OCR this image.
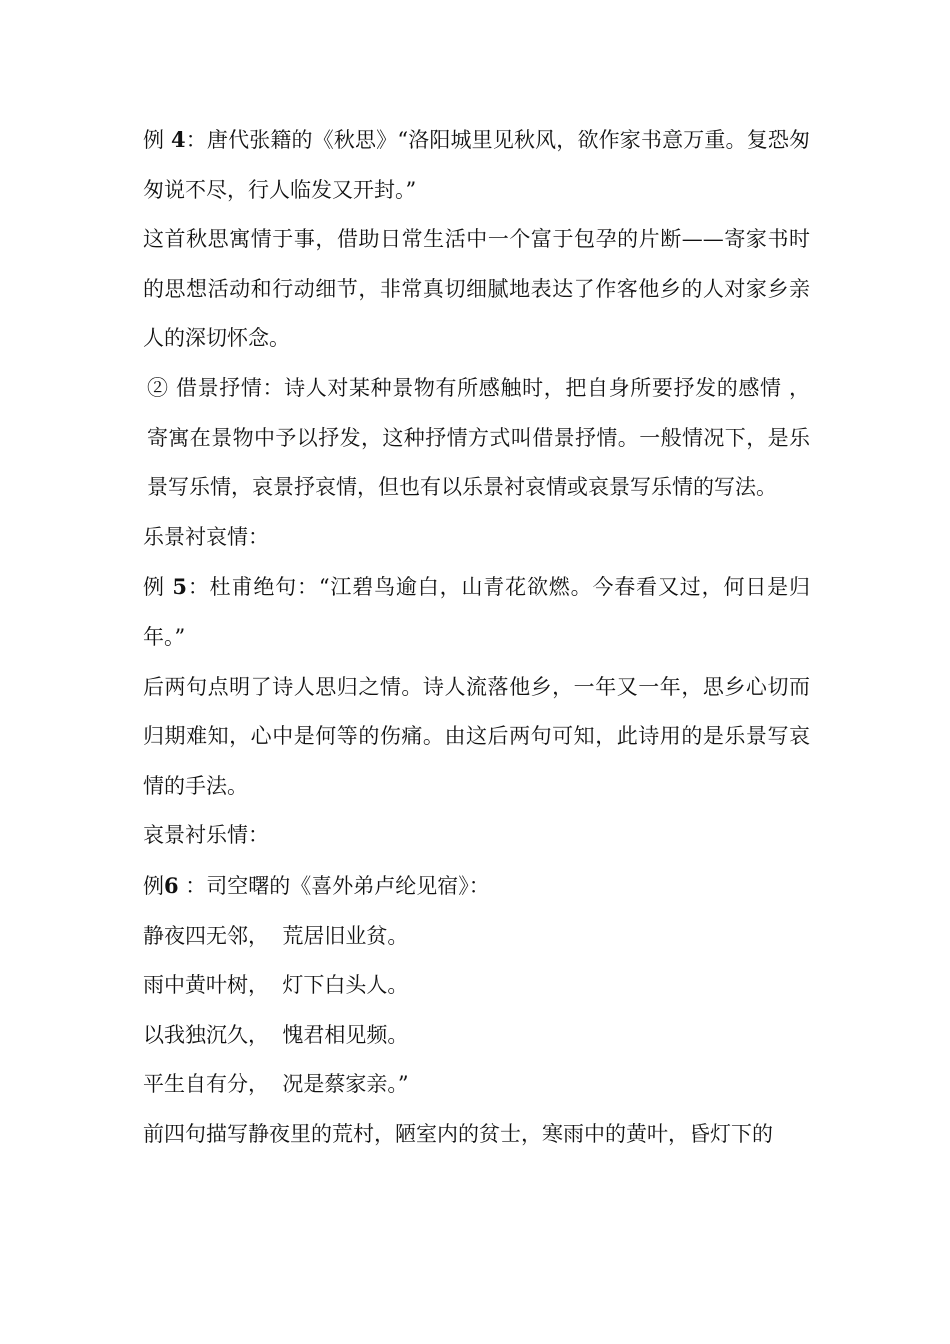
例 4：唐代张籍的《秋思》“洛阳城里见秋风，欲作家书意万重。复恐匆匆说不尽，行人临发又开封。”

这首秋思寓情于事，借助日常生活中一个富于包孕的片断——寄家书时的思想活动和行动细节，非常真切细腻地表达了作客他乡的人对家乡亲人的深切怀念。

② 借景抒情：诗人对某种景物有所感触时，把自身所要抒发的感情 ，寄寓在景物中予以抒发，这种抒情方式叫借景抒情。一般情况下，是乐景写乐情，哀景抒哀情，但也有以乐景衬哀情或哀景写乐情的写法。

乐景衬哀情：

例 5：杜甫绝句：“江碧鸟逾白，山青花欲燃。今春看又过，何日是归年。”

后两句点明了诗人思归之情。诗人流落他乡，一年又一年，思乡心切而归期难知，心中是何等的伤痛。由这后两句可知，此诗用的是乐景写哀情的手法。

哀景衬乐情：

例6 ：司空曙的《喜外弟卢纶见宿》：

静夜四无邻，  荒居旧业贫。

雨中黄叶树，  灯下白头人。

以我独沉久，  愧君相见频。

平生自有分，  况是蔡家亲。”

前四句描写静夜里的荒村，陋室内的贫士，寒雨中的黄叶，昏灯下的
